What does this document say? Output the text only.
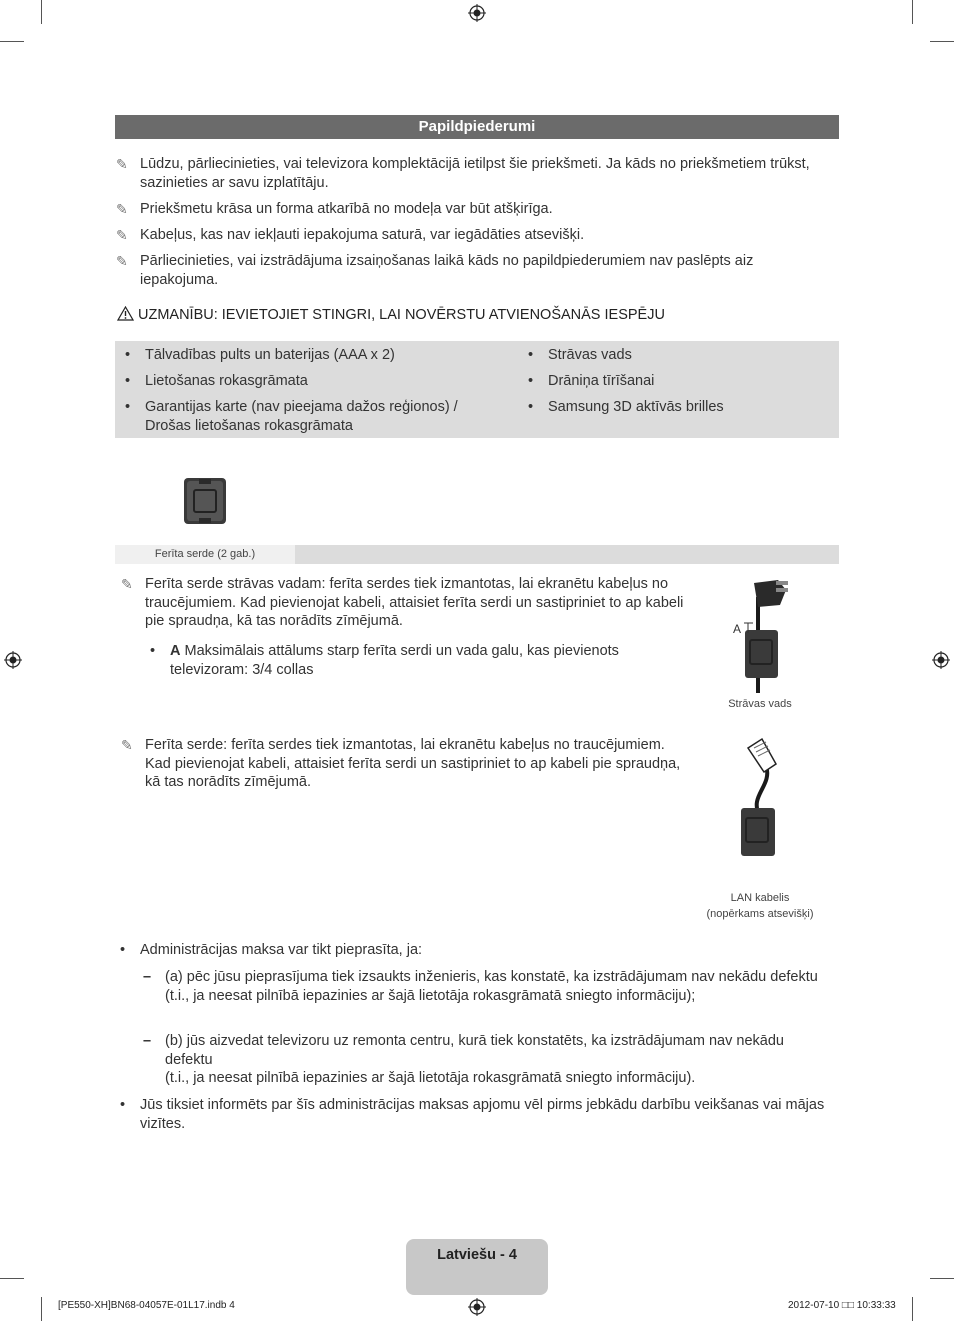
Papildpiederumi
✎ Lūdzu, pārliecinieties, vai televizora komplektācijā ietilpst šie priekšmeti. Ja kāds no priekšmetiem trūkst, sazinieties ar savu izplatītāju.
✎ Priekšmetu krāsa un forma atkarībā no modeļa var būt atšķirīga.
✎ Kabeļus, kas nav iekļauti iepakojuma saturā, var iegādāties atsevišķi.
✎ Pārliecinieties, vai izstrādājuma izsaiņošanas laikā kāds no papildpiederumiem nav paslēpts aiz iepakojuma.
UZMANĪBU: IEVIETOJIET STINGRI, LAI NOVĒRSTU ATVIENOŠANĀS IESPĒJU
• Tālvadības pults un baterijas (AAA x 2)
• Lietošanas rokasgrāmata
• Garantijas karte (nav pieejama dažos reģionos) / Drošas lietošanas rokasgrāmata
• Strāvas vads
• Drāniņa tīrīšanai
• Samsung 3D aktīvās brilles
Ferīta serde (2 gab.)
✎ Ferīta serde strāvas vadam: ferīta serdes tiek izmantotas, lai ekranētu kabeļus no traucējumiem. Kad pievienojat kabeli, attaisiet ferīta serdi un sastipriniet to ap kabeli pie spraudņa, kā tas norādīts zīmējumā.
• A Maksimālais attālums starp ferīta serdi un vada galu, kas pievienots televizoram: 3/4 collas
A
Strāvas vads
✎ Ferīta serde: ferīta serdes tiek izmantotas, lai ekranētu kabeļus no traucējumiem. Kad pievienojat kabeli, attaisiet ferīta serdi un sastipriniet to ap kabeli pie spraudņa, kā tas norādīts zīmējumā.
LAN kabelis
(nopērkams atsevišķi)
• Administrācijas maksa var tikt pieprasīta, ja:
– (a) pēc jūsu pieprasījuma tiek izsaukts inženieris, kas konstatē, ka izstrādājumam nav nekādu defektu
(t.i., ja neesat pilnībā iepazinies ar šajā lietotāja rokasgrāmatā sniegto informāciju);
– (b) jūs aizvedat televizoru uz remonta centru, kurā tiek konstatēts, ka izstrādājumam nav nekādu defektu
(t.i., ja neesat pilnībā iepazinies ar šajā lietotāja rokasgrāmatā sniegto informāciju).
• Jūs tiksiet informēts par šīs administrācijas maksas apjomu vēl pirms jebkādu darbību veikšanas vai mājas vizītes.
Latviešu - 4
[PE550-XH]BN68-04057E-01L17.indb 4	2012-07-10 □□ 10:33:33
